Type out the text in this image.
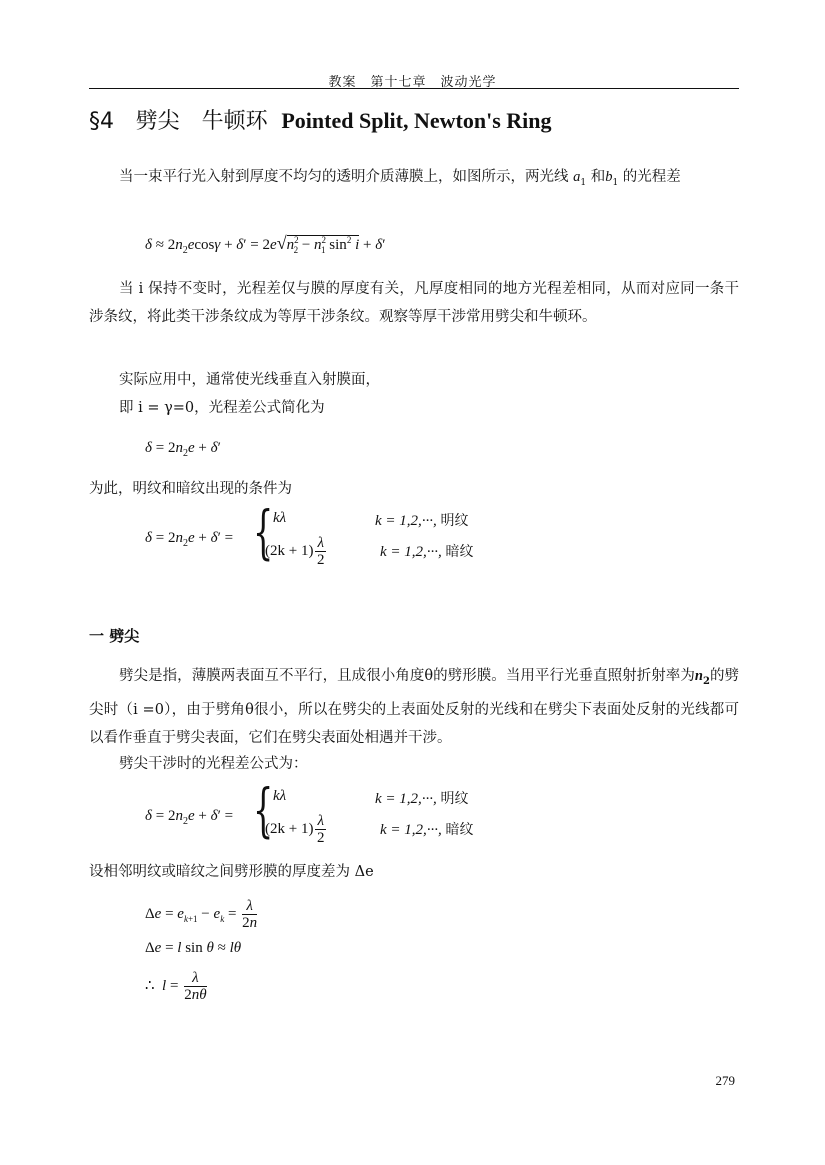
教案　第十七章　波动光学
§4 劈尖　牛顿环 Pointed Split, Newton's Ring
当一束平行光入射到厚度不均匀的透明介质薄膜上，如图所示，两光线 $a_1$ 和$b_1$ 的光程差
$\delta \approx 2n_2ecos\gamma + \delta' = 2e√n^2_2 - n^2_1$ $\sin^2 i + \delta'$
当 i 保持不变时，光程差仅与膜的厚度有关，凡厚度相同的地方光程差相同，从而对应同一条干涉条纹，将此类干涉条纹成为等厚干涉条纹。观察等厚干涉常用劈尖和牛顿环。
实际应用中，通常使光线垂直入射膜面，
即 i = γ=0，光程差公式简化为
$\delta = 2n_2e + \delta'$
为此，明纹和暗纹出现的条件为
$\delta = 2n_2e + \delta'$ = { kλ	k = 1,2,···, 明纹
$(2k + 1) \frac{\lambda}{2}$	k = 1,2,···, 暗纹
一 劈尖
劈尖是指，薄膜两表面互不平行，且成很小角度θ的劈形膜。当用平行光垂直照射折射率为$n_2$的劈尖时（i =0），由于劈角θ很小，所以在劈尖的上表面处反射的光线和在劈尖下表面处反射的光线都可以看作垂直于劈尖表面，它们在劈尖表面处相遇并干涉。
劈尖干涉时的光程差公式为：
$\delta = 2n_2e + \delta'$ = { kλ	k = 1,2,···, 明纹
$(2k + 1) \frac{\lambda}{2}$	k = 1,2,···, 暗纹
设相邻明纹或暗纹之间劈形膜的厚度差为 Δe
$\Delta e = e_{k+1} - e_k = \frac{\lambda}{2n}$
Δe = l sin θ ≈ lθ
∴ $l = \frac{\lambda}{2n\theta}$
279
